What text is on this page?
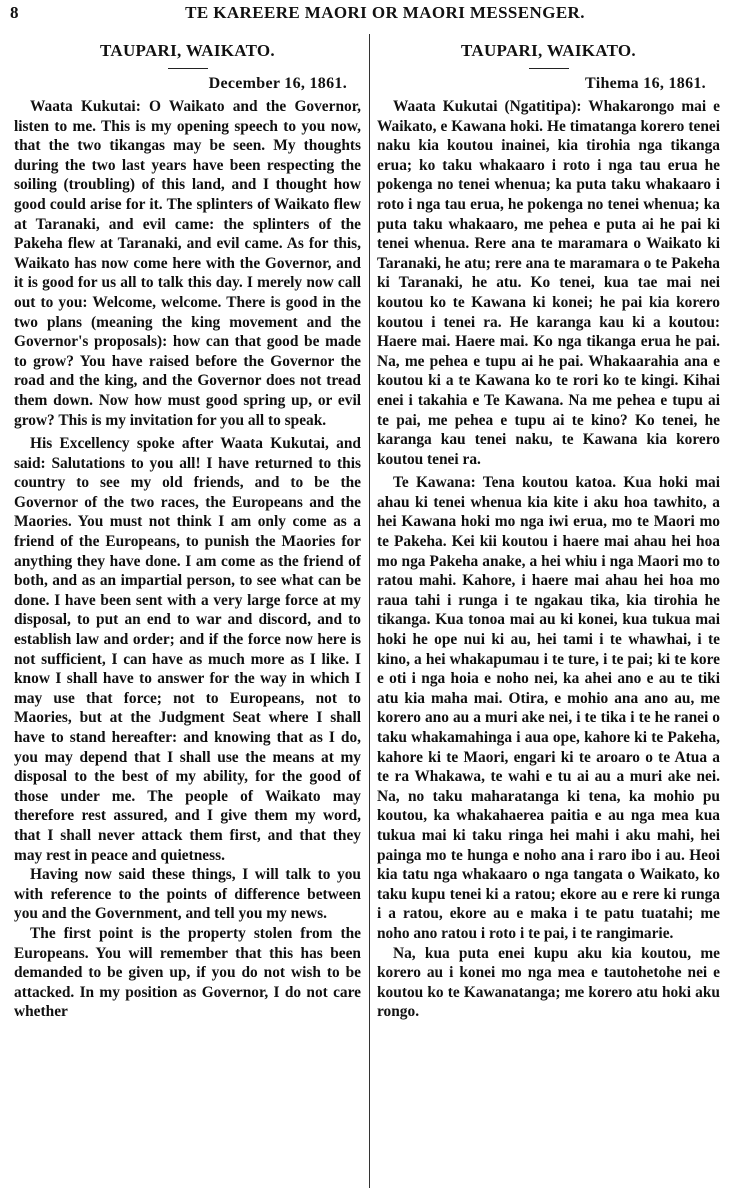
8	TE KAREERE MAORI OR MAORI MESSENGER.
TAUPARI, WAIKATO.
December 16, 1861.

Waata Kukutai: O Waikato and the Governor, listen to me. This is my opening speech to you now, that the two tikangas may be seen. My thoughts during the two last years have been respecting the soiling (troubling) of this land, and I thought how good could arise for it. The splinters of Waikato flew at Taranaki, and evil came: the splinters of the Pakeha flew at Taranaki, and evil came. As for this, Waikato has now come here with the Governor, and it is good for us all to talk this day. I merely now call out to you: Welcome, welcome. There is good in the two plans (meaning the king movement and the Governor's proposals): how can that good be made to grow? You have raised before the Governor the road and the king, and the Governor does not tread them down. Now how must good spring up, or evil grow? This is my invitation for you all to speak.

His Excellency spoke after Waata Kukutai, and said: Salutations to you all! I have returned to this country to see my old friends, and to be the Governor of the two races, the Europeans and the Maories. You must not think I am only come as a friend of the Europeans, to punish the Maories for anything they have done. I am come as the friend of both, and as an impartial person, to see what can be done. I have been sent with a very large force at my disposal, to put an end to war and discord, and to establish law and order; and if the force now here is not sufficient, I can have as much more as I like. I know I shall have to answer for the way in which I may use that force; not to Europeans, not to Maories, but at the Judgment Seat where I shall have to stand hereafter: and knowing that as I do, you may depend that I shall use the means at my disposal to the best of my ability, for the good of those under me. The people of Waikato may therefore rest assured, and I give them my word, that I shall never attack them first, and that they may rest in peace and quietness.

Having now said these things, I will talk to you with reference to the points of difference between you and the Government, and tell you my news.

The first point is the property stolen from the Europeans. You will remember that this has been demanded to be given up, if you do not wish to be attacked. In my position as Governor, I do not care whether

TAUPARI, WAIKATO.
Tihema 16, 1861.

Waata Kukutai (Ngatitipa): Whakarongo mai e Waikato, e Kawana hoki. He timatanga korero tenei naku kia koutou inainei, kia tirohia nga tikanga erua; ko taku whakaaro i roto i nga tau erua he pokenga no tenei whenua; ka puta taku whakaaro i roto i nga tau erua, he pokenga no tenei whenua; ka puta taku whakaaro, me pehea e puta ai he pai ki tenei whenua. Rere ana te maramara o Waikato ki Taranaki, he atu; rere ana te maramara o te Pakeha ki Taranaki, he atu. Ko tenei, kua tae mai nei koutou ko te Kawana ki konei; he pai kia korero koutou i tenei ra. He karanga kau ki a koutou: Haere mai. Haere mai. Ko nga tikanga erua he pai. Na, me pehea e tupu ai he pai. Whakaarahia ana e koutou ki a te Kawana ko te rori ko te kingi. Kihai enei i takahia e Te Kawana. Na me pehea e tupu ai te pai, me pehea e tupu ai te kino? Ko tenei, he karanga kau tenei naku, te Kawana kia korero koutou tenei ra.

Te Kawana: Tena koutou katoa. Kua hoki mai ahau ki tenei whenua kia kite i aku hoa tawhito, a hei Kawana hoki mo nga iwi erua, mo te Maori mo te Pakeha. Kei kii koutou i haere mai ahau hei hoa mo nga Pakeha anake, a hei whiu i nga Maori mo to ratou mahi. Kahore, i haere mai ahau hei hoa mo raua tahi i runga i te ngakau tika, kia tirohia he tikanga. Kua tonoa mai au ki konei, kua tukua mai hoki he ope nui ki au, hei tami i te whawhai, i te kino, a hei whakapumau i te ture, i te pai; ki te kore e oti i nga hoia e noho nei, ka ahei ano e au te tiki atu kia maha mai. Otira, e mohio ana ano au, me korero ano au a muri ake nei, i te tika i te he ranei o taku whakamahinga i aua ope, kahore ki te Pakeha, kahore ki te Maori, engari ki te aroaro o te Atua a te ra Whakawa, te wahi e tu ai au a muri ake nei. Na, no taku maharatanga ki tena, ka mohio pu koutou, ka whakahaerea paitia e au nga mea kua tukua mai ki taku ringa hei mahi i aku mahi, hei painga mo te hunga e noho ana i raro ibo i au. Heoi kia tatu nga whakaaro o nga tangata o Waikato, ko taku kupu tenei ki a ratou; ekore au e rere ki runga i a ratou, ekore au e maka i te patu tuatahi; me noho ano ratou i roto i te pai, i te rangimarie.

Na, kua puta enei kupu aku kia koutou, me korero au i konei mo nga mea e tautohetohe nei e koutou ko te Kawanatanga; me korero atu hoki aku rongo.
